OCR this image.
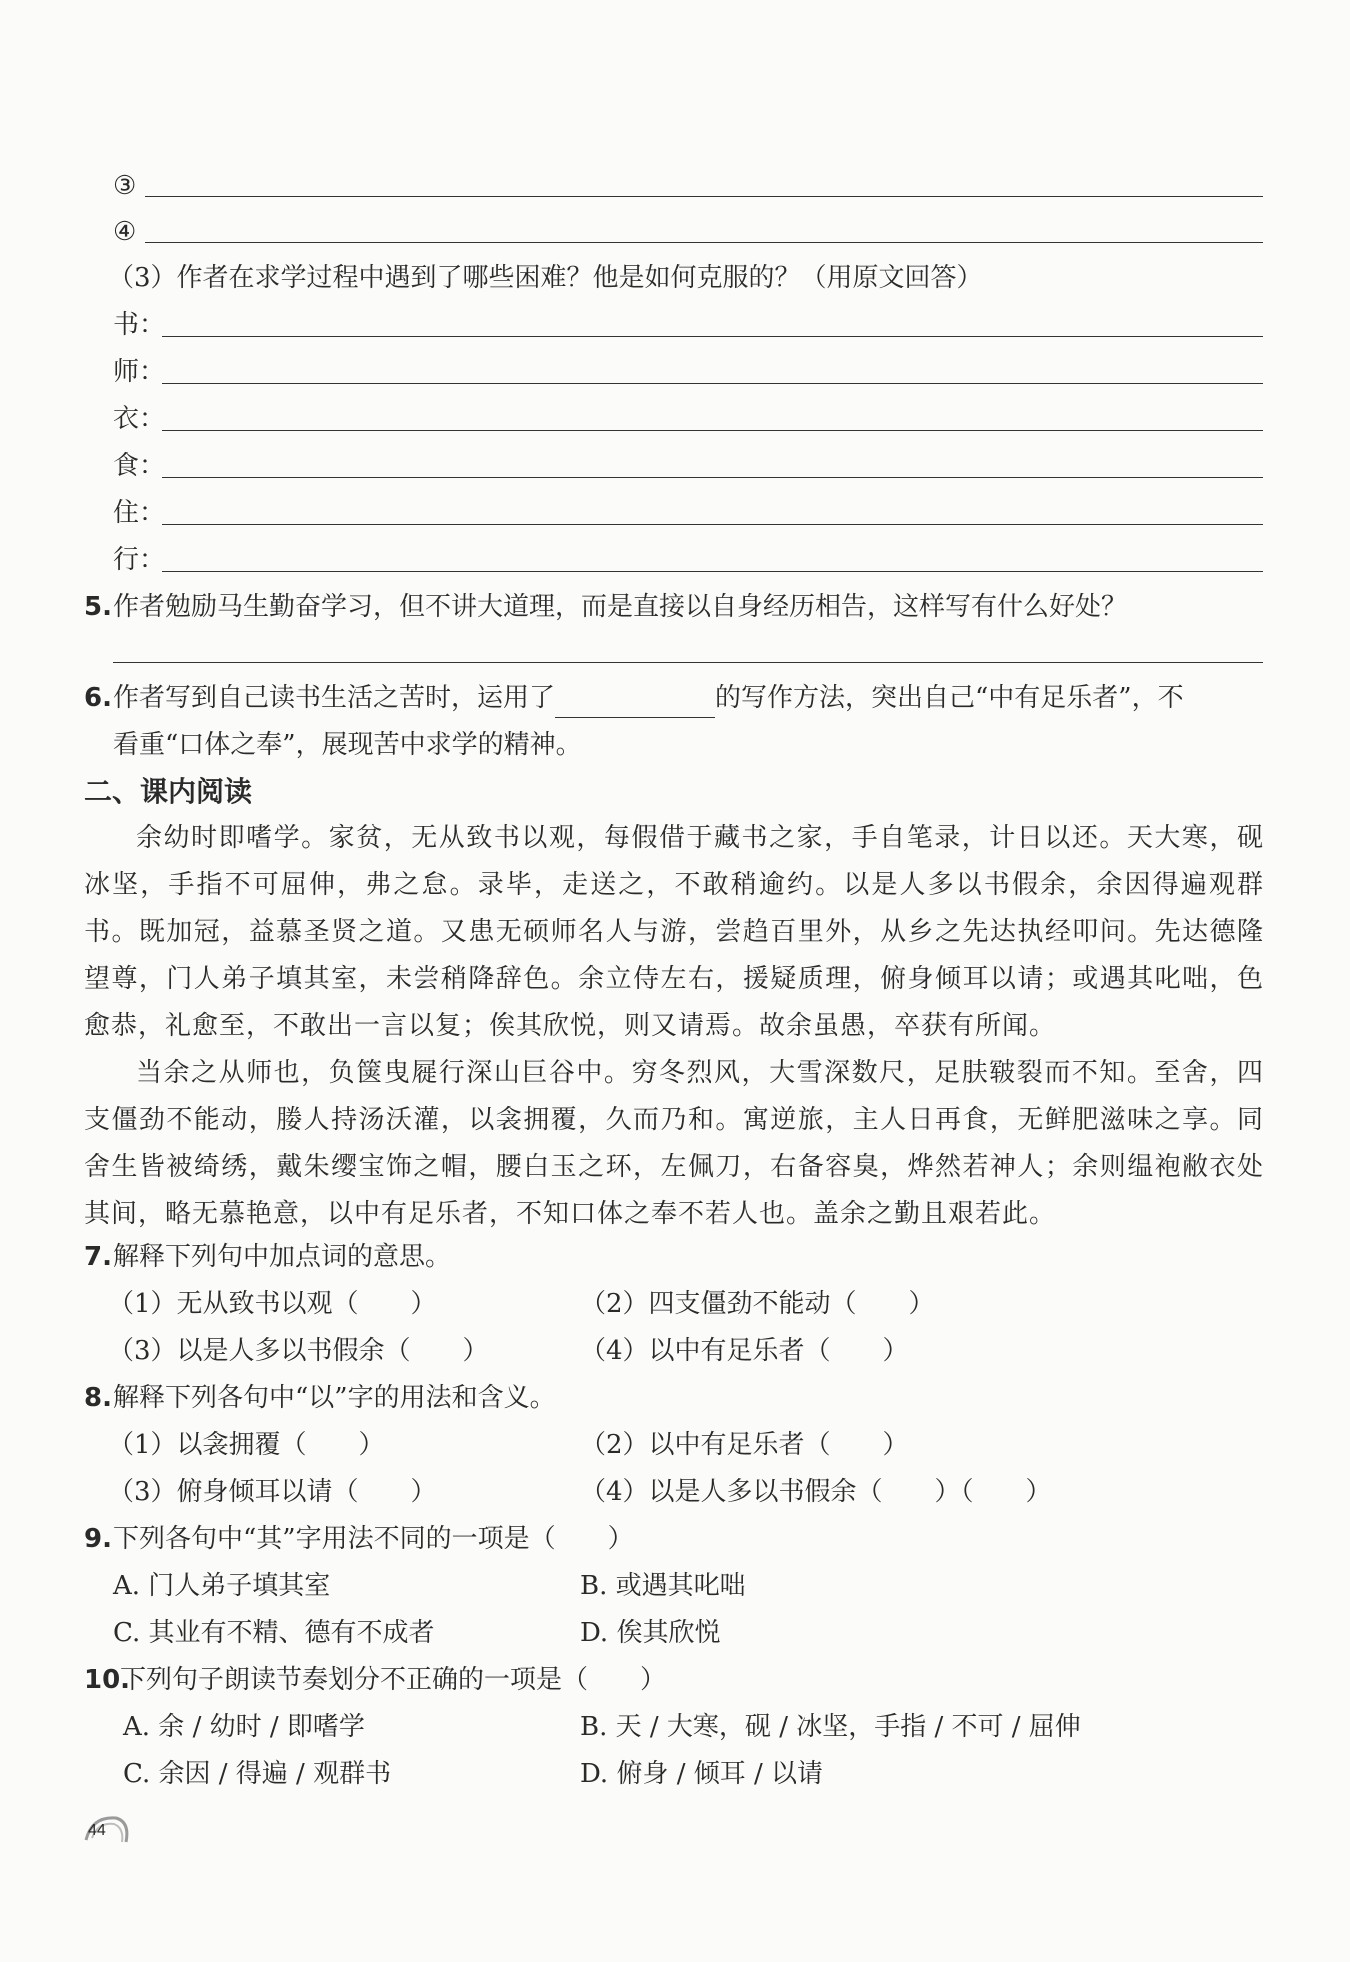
③
④
（3）作者在求学过程中遇到了哪些困难？他是如何克服的？（用原文回答）
书：
师：
衣：
食：
住：
行：
5. 作者勉励马生勤奋学习，但不讲大道理，而是直接以自身经历相告，这样写有什么好处？
6. 作者写到自己读书生活之苦时，运用了	的写作方法，突出自己“中有足乐者”，不
看重“口体之奉”，展现苦中求学的精神。
二、课内阅读
余幼时即嗜学。家贫，无从致书以观，每假借于藏书之家，手自笔录，计日以还。天大寒，砚冰坚，手指不可屈伸，弗之怠。录毕，走送之，不敢稍逾约。以是人多以书假余，余因得遍观群书。既加冠，益慕圣贤之道。又患无硕师名人与游，尝趋百里外，从乡之先达执经叩问。先达德隆望尊，门人弟子填其室，未尝稍降辞色。余立侍左右，援疑质理，俯身倾耳以请；或遇其叱咄，色愈恭，礼愈至，不敢出一言以复；俟其欣悦，则又请焉。故余虽愚，卒获有所闻。
当余之从师也，负箧曳屣行深山巨谷中。穷冬烈风，大雪深数尺，足肤皲裂而不知。至舍，四支僵劲不能动，媵人持汤沃灌，以衾拥覆，久而乃和。寓逆旅，主人日再食，无鲜肥滋味之享。同舍生皆被绮绣，戴朱缨宝饰之帽，腰白玉之环，左佩刀，右备容臭，烨然若神人；余则缊袍敝衣处其间，略无慕艳意，以中有足乐者，不知口体之奉不若人也。盖余之勤且艰若此。
7. 解释下列句中加点词的意思。
（1）无从致书以观（　　）	（2）四支僵劲不能动（　　）
（3）以是人多以书假余（　　）	（4）以中有足乐者（　　）
8. 解释下列各句中“以”字的用法和含义。
（1）以衾拥覆（　　）	（2）以中有足乐者（　　）
（3）俯身倾耳以请（　　）	（4）以是人多以书假余（　　）（　　）
9. 下列各句中“其”字用法不同的一项是（　　）
A. 门人弟子填其室	B. 或遇其叱咄
C. 其业有不精、德有不成者	D. 俟其欣悦
10.
下列句子朗读节奏划分不正确的一项是（　　）
A. 余 / 幼时 / 即嗜学	B. 天 / 大寒，砚 / 冰坚，手指 / 不可 / 屈伸
C. 余因 / 得遍 / 观群书	D. 俯身 / 倾耳 / 以请
44
